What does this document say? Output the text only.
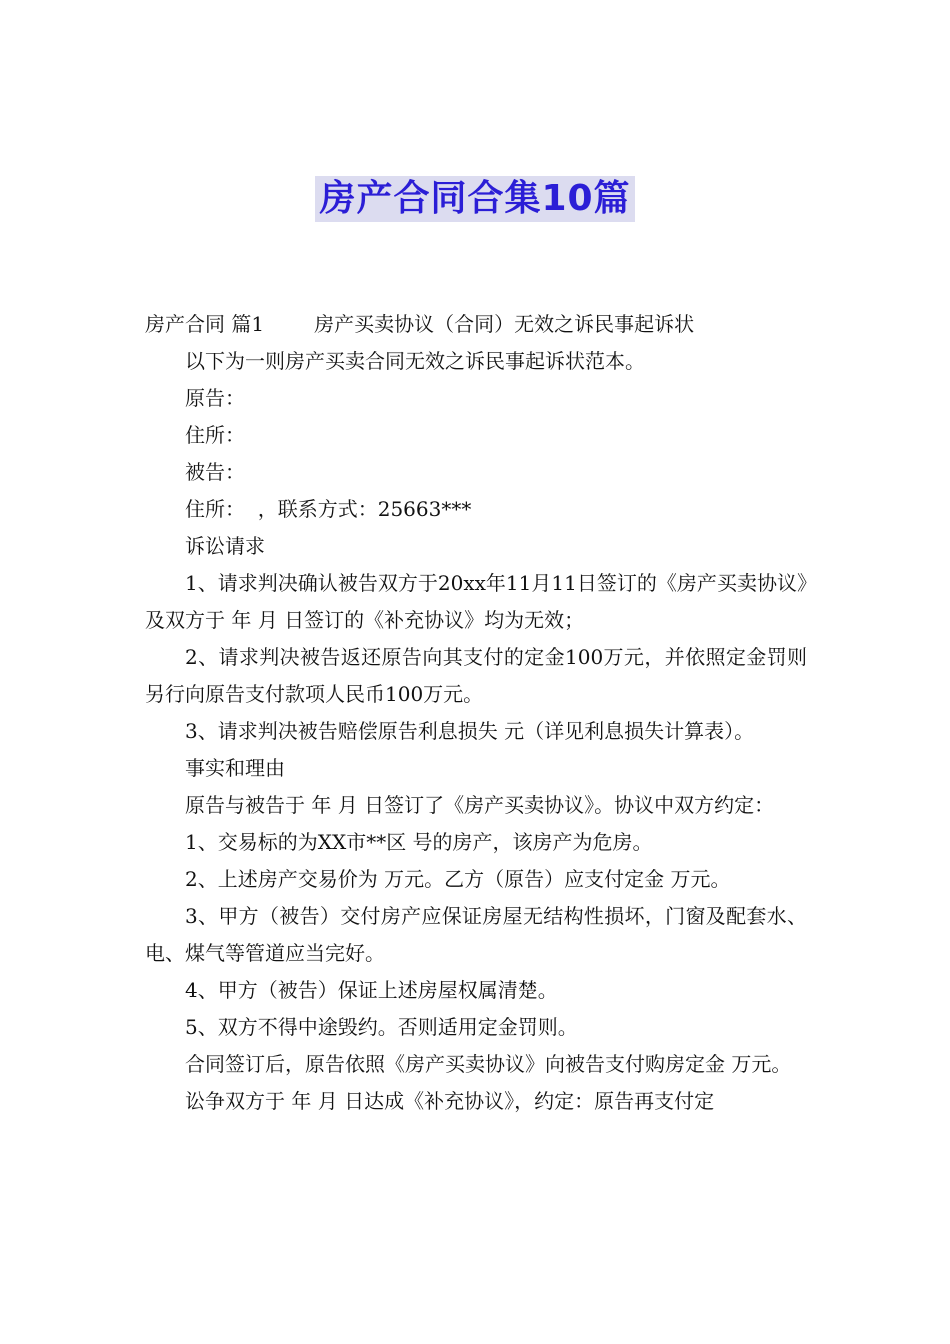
房产合同合集10篇

房产合同 篇1	房产买卖协议（合同）无效之诉民事起诉状

以下为一则房产买卖合同无效之诉民事起诉状范本。

原告：

住所：

被告：

住所：  ，联系方式：25663***

诉讼请求

1、请求判决确认被告双方于20xx年11月11日签订的《房产买卖协议》及双方于 年 月 日签订的《补充协议》均为无效；

2、请求判决被告返还原告向其支付的定金100万元，并依照定金罚则另行向原告支付款项人民币100万元。

3、请求判决被告赔偿原告利息损失 元（详见利息损失计算表）。

事实和理由

原告与被告于 年 月 日签订了《房产买卖协议》。协议中双方约定：

1、交易标的为XX市**区 号的房产，该房产为危房。

2、上述房产交易价为 万元。乙方（原告）应支付定金 万元。

3、甲方（被告）交付房产应保证房屋无结构性损坏，门窗及配套水、电、煤气等管道应当完好。

4、甲方（被告）保证上述房屋权属清楚。

5、双方不得中途毁约。否则适用定金罚则。

合同签订后，原告依照《房产买卖协议》向被告支付购房定金 万元。

讼争双方于 年 月 日达成《补充协议》，约定：原告再支付定
